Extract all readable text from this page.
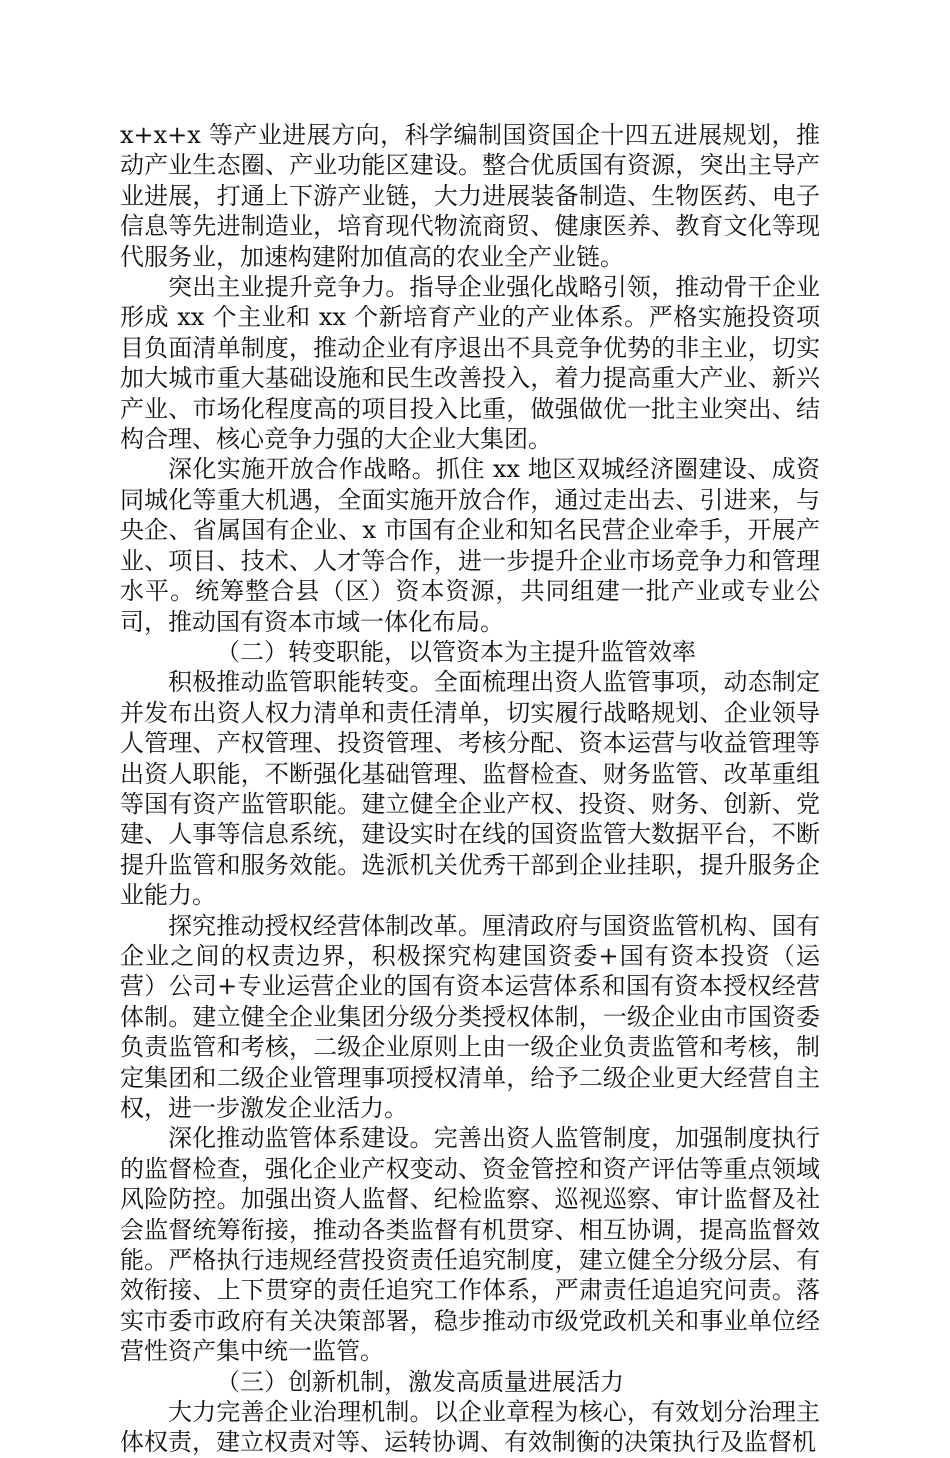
x+x+x 等产业进展方向，科学编制国资国企十四五进展规划，推动产业生态圈、产业功能区建设。整合优质国有资源，突出主导产业进展，打通上下游产业链，大力进展装备制造、生物医药、电子信息等先进制造业，培育现代物流商贸、健康医养、教育文化等现代服务业，加速构建附加值高的农业全产业链。

突出主业提升竞争力。指导企业强化战略引领，推动骨干企业形成 xx 个主业和 xx 个新培育产业的产业体系。严格实施投资项目负面清单制度，推动企业有序退出不具竞争优势的非主业，切实加大城市重大基础设施和民生改善投入，着力提高重大产业、新兴产业、市场化程度高的项目投入比重，做强做优一批主业突出、结构合理、核心竞争力强的大企业大集团。

深化实施开放合作战略。抓住 xx 地区双城经济圈建设、成资同城化等重大机遇，全面实施开放合作，通过走出去、引进来，与央企、省属国有企业、x 市国有企业和知名民营企业牵手，开展产业、项目、技术、人才等合作，进一步提升企业市场竞争力和管理水平。统筹整合县（区）资本资源，共同组建一批产业或专业公司，推动国有资本市域一体化布局。

（二）转变职能，以管资本为主提升监管效率

积极推动监管职能转变。全面梳理出资人监管事项，动态制定并发布出资人权力清单和责任清单，切实履行战略规划、企业领导人管理、产权管理、投资管理、考核分配、资本运营与收益管理等出资人职能，不断强化基础管理、监督检查、财务监管、改革重组等国有资产监管职能。建立健全企业产权、投资、财务、创新、党建、人事等信息系统，建设实时在线的国资监管大数据平台，不断提升监管和服务效能。选派机关优秀干部到企业挂职，提升服务企业能力。

探究推动授权经营体制改革。厘清政府与国资监管机构、国有企业之间的权责边界，积极探究构建国资委+国有资本投资（运营）公司+专业运营企业的国有资本运营体系和国有资本授权经营体制。建立健全企业集团分级分类授权体制，一级企业由市国资委负责监管和考核，二级企业原则上由一级企业负责监管和考核，制定集团和二级企业管理事项授权清单，给予二级企业更大经营自主权，进一步激发企业活力。

深化推动监管体系建设。完善出资人监管制度，加强制度执行的监督检查，强化企业产权变动、资金管控和资产评估等重点领域风险防控。加强出资人监督、纪检监察、巡视巡察、审计监督及社会监督统筹衔接，推动各类监督有机贯穿、相互协调，提高监督效能。严格执行违规经营投资责任追究制度，建立健全分级分层、有效衔接、上下贯穿的责任追究工作体系，严肃责任追追究问责。落实市委市政府有关决策部署，稳步推动市级党政机关和事业单位经营性资产集中统一监管。

（三）创新机制，激发高质量进展活力

大力完善企业治理机制。以企业章程为核心，有效划分治理主体权责，建立权责对等、运转协调、有效制衡的决策执行及监督机
